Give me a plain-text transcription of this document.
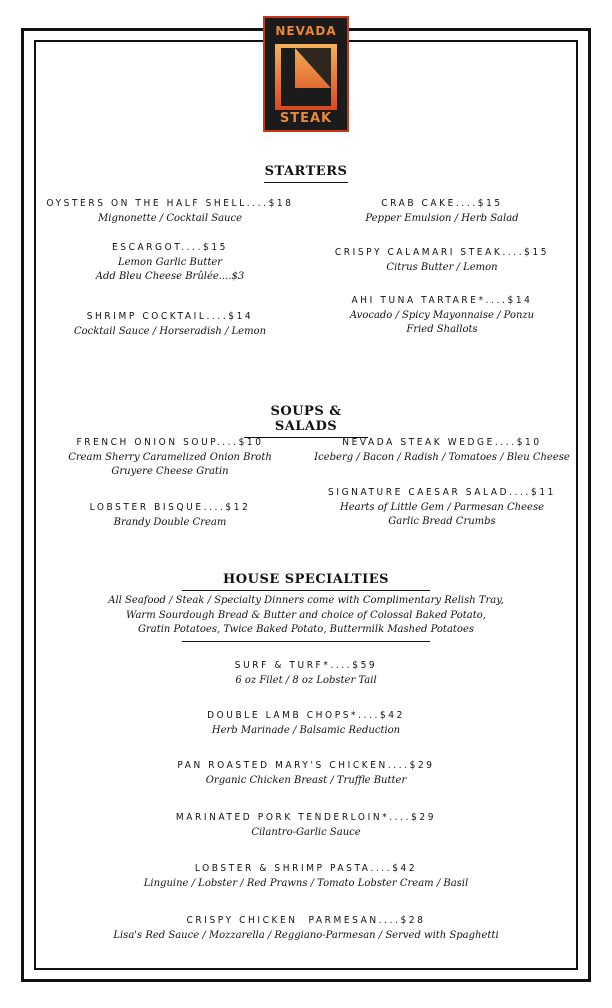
NEVADA
STEAK
STARTERS
OYSTERS ON THE HALF SHELL....$18
Mignonette / Cocktail Sauce
ESCARGOT....$15
Lemon Garlic Butter
Add Bleu Cheese Brûlée....$3
SHRIMP COCKTAIL....$14
Cocktail Sauce / Horseradish / Lemon
CRAB CAKE....$15
Pepper Emulsion / Herb Salad
CRISPY CALAMARI STEAK....$15
Citrus Butter / Lemon
AHI TUNA TARTARE*....$14
Avocado / Spicy Mayonnaise / Ponzu
Fried Shallots
SOUPS & SALADS
FRENCH ONION SOUP....$10
Cream Sherry Caramelized Onion Broth
Gruyere Cheese Gratin
LOBSTER BISQUE....$12
Brandy Double Cream
NEVADA STEAK WEDGE....$10
Iceberg / Bacon / Radish / Tomatoes / Bleu Cheese
SIGNATURE CAESAR SALAD....$11
Hearts of Little Gem / Parmesan Cheese
Garlic Bread Crumbs
HOUSE SPECIALTIES
All Seafood / Steak / Specialty Dinners come with Complimentary Relish Tray,
Warm Sourdough Bread & Butter and choice of Colossal Baked Potato,
Gratin Potatoes, Twice Baked Potato, Buttermilk Mashed Potatoes
SURF & TURF*....$59
6 oz Filet / 8 oz Lobster Tail
DOUBLE LAMB CHOPS*....$42
Herb Marinade / Balsamic Reduction
PAN ROASTED MARY'S CHICKEN....$29
Organic Chicken Breast / Truffle Butter
MARINATED PORK TENDERLOIN*....$29
Cilantro-Garlic Sauce
LOBSTER & SHRIMP PASTA....$42
Linguine / Lobster / Red Prawns / Tomato Lobster Cream / Basil
CRISPY CHICKEN  PARMESAN....$28
Lisa's Red Sauce / Mozzarella / Reggiano-Parmesan / Served with Spaghetti
